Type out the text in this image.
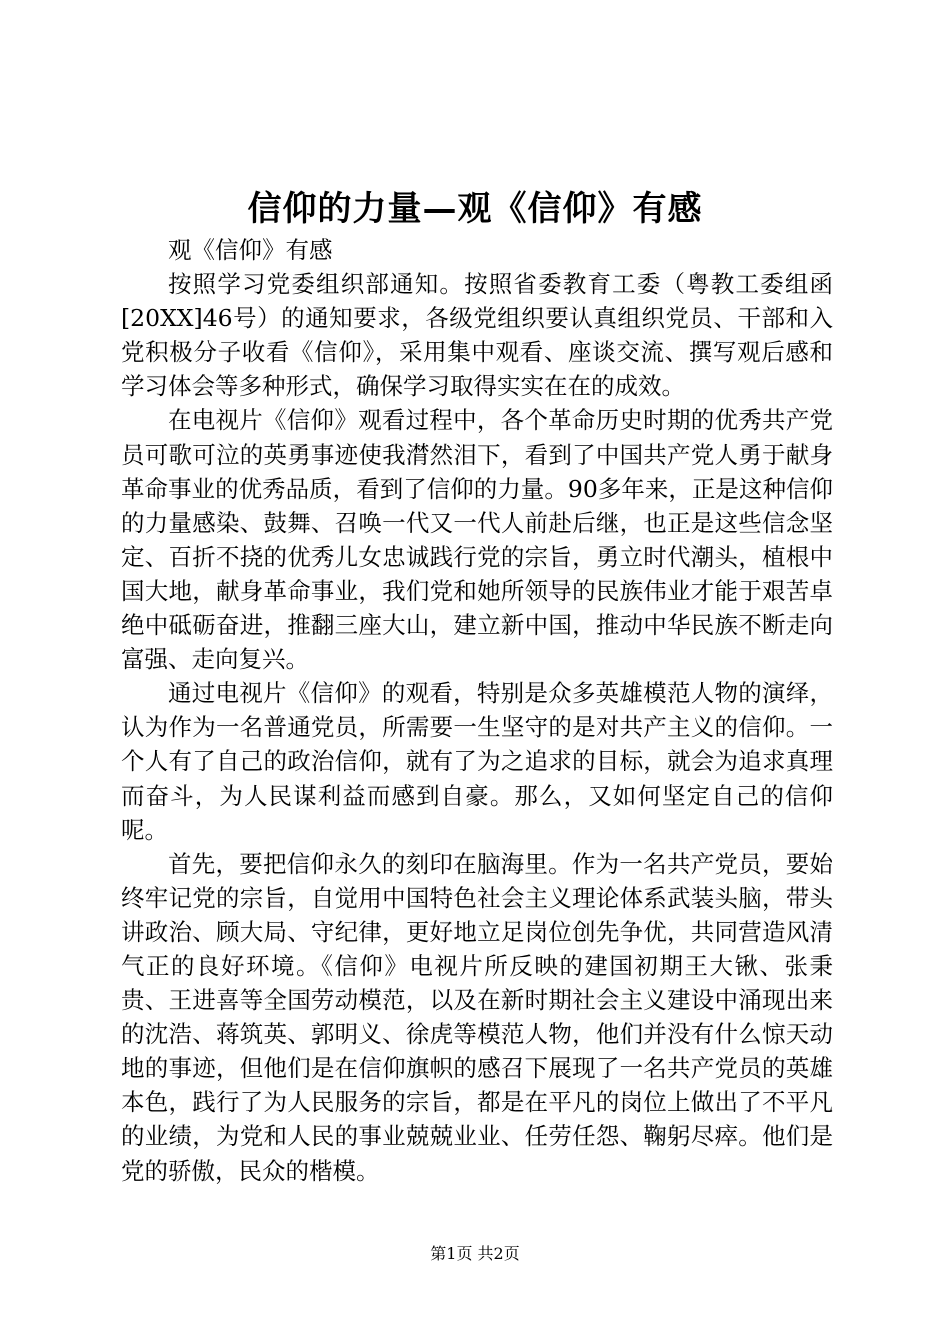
信仰的力量—观《信仰》有感

观《信仰》有感

按照学习党委组织部通知。按照省委教育工委（粤教工委组函[20XX]46号）的通知要求，各级党组织要认真组织党员、干部和入党积极分子收看《信仰》，采用集中观看、座谈交流、撰写观后感和学习体会等多种形式，确保学习取得实实在在的成效。

在电视片《信仰》观看过程中，各个革命历史时期的优秀共产党员可歌可泣的英勇事迹使我潸然泪下，看到了中国共产党人勇于献身革命事业的优秀品质，看到了信仰的力量。90多年来，正是这种信仰的力量感染、鼓舞、召唤一代又一代人前赴后继，也正是这些信念坚定、百折不挠的优秀儿女忠诚践行党的宗旨，勇立时代潮头，植根中国大地，献身革命事业，我们党和她所领导的民族伟业才能于艰苦卓绝中砥砺奋进，推翻三座大山，建立新中国，推动中华民族不断走向富强、走向复兴。

通过电视片《信仰》的观看，特别是众多英雄模范人物的演绎，认为作为一名普通党员，所需要一生坚守的是对共产主义的信仰。一个人有了自己的政治信仰，就有了为之追求的目标，就会为追求真理而奋斗，为人民谋利益而感到自豪。那么，又如何坚定自己的信仰呢。

首先，要把信仰永久的刻印在脑海里。作为一名共产党员，要始终牢记党的宗旨，自觉用中国特色社会主义理论体系武装头脑，带头讲政治、顾大局、守纪律，更好地立足岗位创先争优，共同营造风清气正的良好环境。《信仰》电视片所反映的建国初期王大锹、张秉贵、王进喜等全国劳动模范，以及在新时期社会主义建设中涌现出来的沈浩、蒋筑英、郭明义、徐虎等模范人物，他们并没有什么惊天动地的事迹，但他们是在信仰旗帜的感召下展现了一名共产党员的英雄本色，践行了为人民服务的宗旨，都是在平凡的岗位上做出了不平凡的业绩，为党和人民的事业兢兢业业、任劳任怨、鞠躬尽瘁。他们是党的骄傲，民众的楷模。

第1页 共2页
